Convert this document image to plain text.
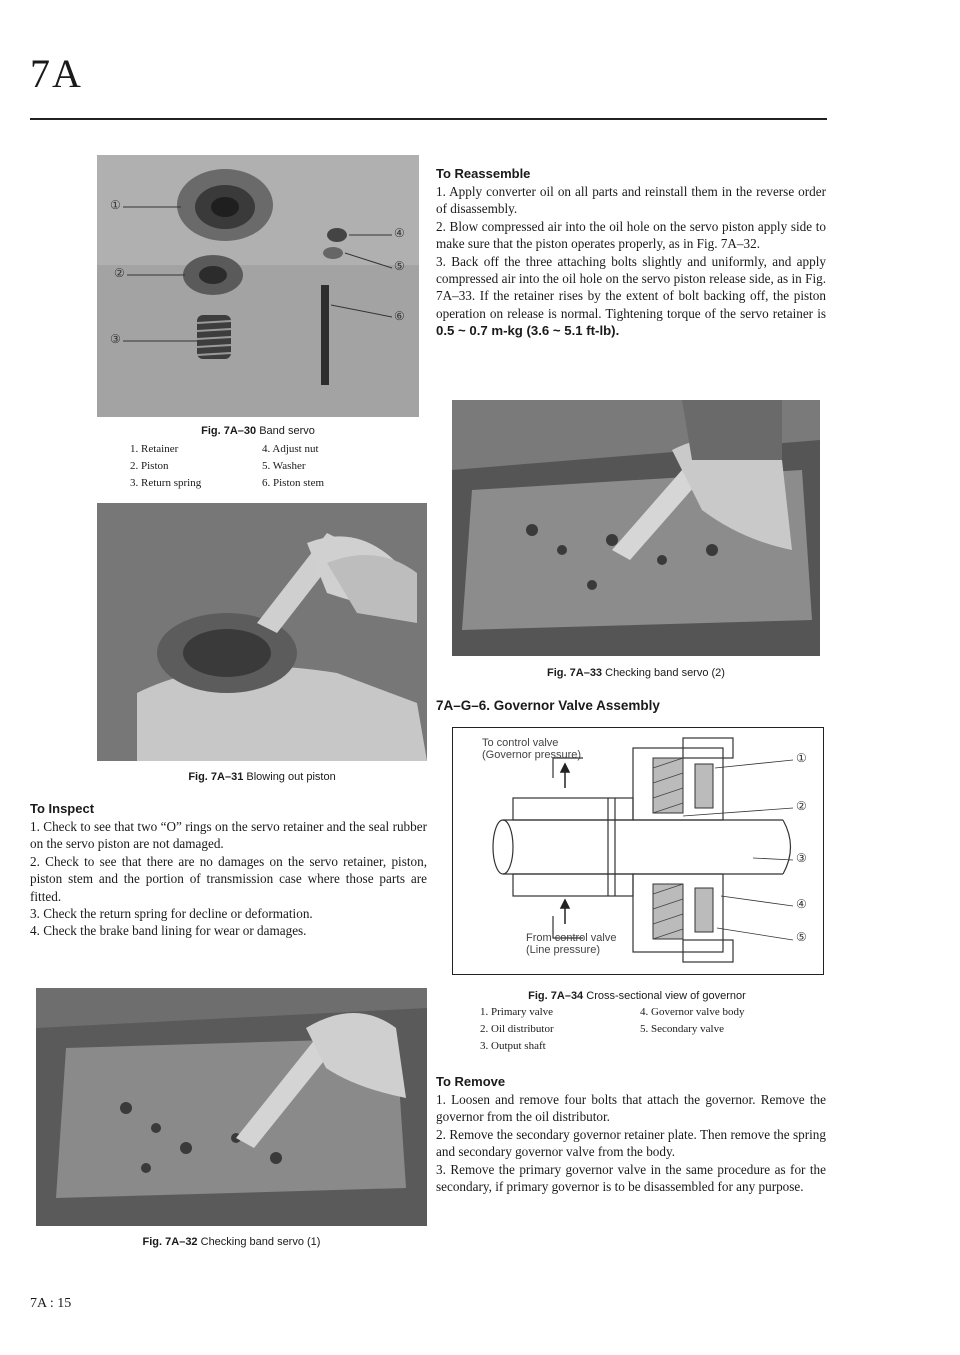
7A
①
②
③
④
⑤
⑥
Fig. 7A–30 Band servo
1. Retainer
2. Piston
3. Return spring
4. Adjust nut
5. Washer
6. Piston stem
Fig. 7A–31 Blowing out piston
To Inspect

1. Check to see that two “O” rings on the servo retainer and the seal rubber on the servo piston are not damaged.

2. Check to see that there are no damages on the servo retainer, piston, piston stem and the portion of transmission case where those parts are fitted.

3. Check the return spring for decline or deformation.

4. Check the brake band lining for wear or damages.

Fig. 7A–32 Checking band servo (1)
7A : 15
To Reassemble

1. Apply converter oil on all parts and reinstall them in the reverse order of disassembly.

2. Blow compressed air into the oil hole on the servo piston apply side to make sure that the piston operates properly, as in Fig. 7A–32.

3. Back off the three attaching bolts slightly and uniformly, and apply compressed air into the oil hole on the servo piston release side, as in Fig. 7A–33. If the retainer rises by the extent of bolt backing off, the piston operation on release is normal. Tightening torque of the servo retainer is 0.5 ~ 0.7 m-kg (3.6 ~ 5.1 ft-lb).

Fig. 7A–33 Checking band servo (2)
7A–G–6. Governor Valve Assembly
To control valve
(Governor pressure)
From control valve
(Line pressure)
①
②
③
④
⑤
Fig. 7A–34 Cross-sectional view of governor
1. Primary valve
2. Oil distributor
3. Output shaft
4. Governor valve body
5. Secondary valve
To Remove

1. Loosen and remove four bolts that attach the governor. Remove the governor from the oil distributor.

2. Remove the secondary governor retainer plate. Then remove the spring and secondary governor valve from the body.

3. Remove the primary governor valve in the same procedure as for the secondary, if primary governor is to be disassembled for any purpose.
